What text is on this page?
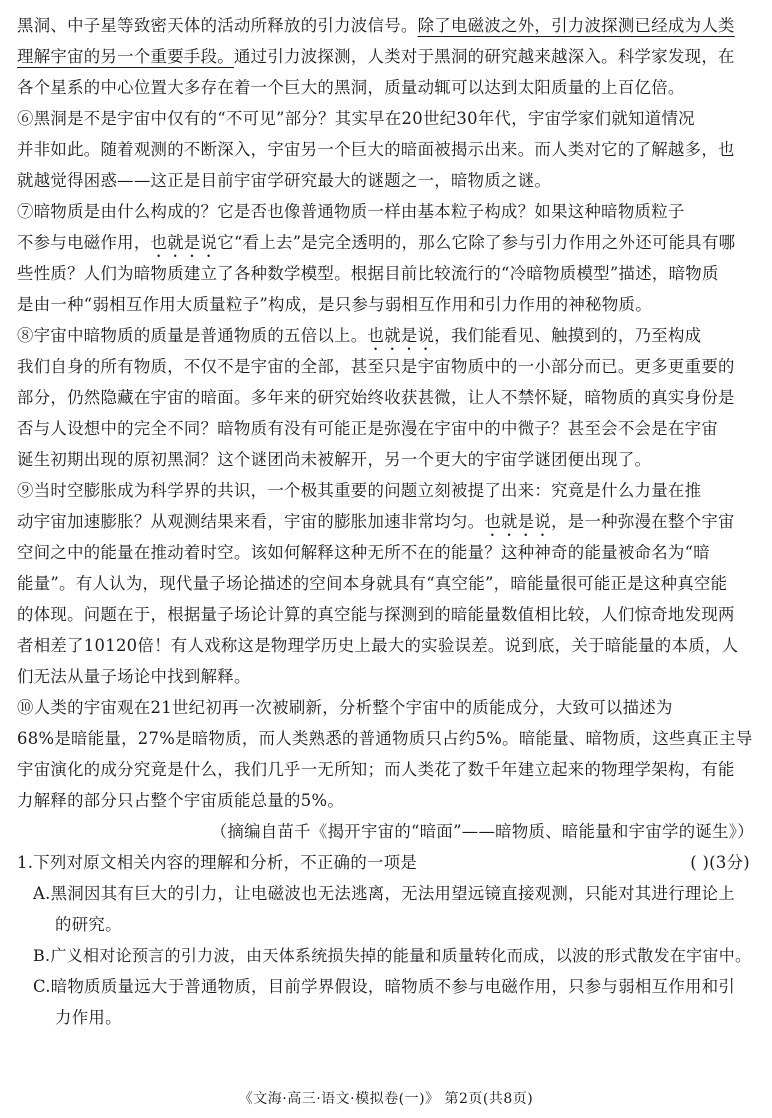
黑洞、中子星等致密天体的活动所释放的引力波信号。除了电磁波之外，引力波探测已经成为人类
理解宇宙的另一个重要手段。通过引力波探测，人类对于黑洞的研究越来越深入。科学家发现，在
各个星系的中心位置大多存在着一个巨大的黑洞，质量动辄可以达到太阳质量的上百亿倍。
⑥黑洞是不是宇宙中仅有的“不可见”部分？其实早在20世纪30年代，宇宙学家们就知道情况
并非如此。随着观测的不断深入，宇宙另一个巨大的暗面被揭示出来。而人类对它的了解越多，也
就越觉得困惑——这正是目前宇宙学研究最大的谜题之一，暗物质之谜。
⑦暗物质是由什么构成的？它是否也像普通物质一样由基本粒子构成？如果这种暗物质粒子
不参与电磁作用，也就是说它“看上去”是完全透明的，那么它除了参与引力作用之外还可能具有哪
些性质？人们为暗物质建立了各种数学模型。根据目前比较流行的“冷暗物质模型”描述，暗物质
是由一种“弱相互作用大质量粒子”构成，是只参与弱相互作用和引力作用的神秘物质。
⑧宇宙中暗物质的质量是普通物质的五倍以上。也就是说，我们能看见、触摸到的，乃至构成
我们自身的所有物质，不仅不是宇宙的全部，甚至只是宇宙物质中的一小部分而已。更多更重要的
部分，仍然隐藏在宇宙的暗面。多年来的研究始终收获甚微，让人不禁怀疑，暗物质的真实身份是
否与人设想中的完全不同？暗物质有没有可能正是弥漫在宇宙中的中微子？甚至会不会是在宇宙
诞生初期出现的原初黑洞？这个谜团尚未被解开，另一个更大的宇宙学谜团便出现了。
⑨当时空膨胀成为科学界的共识，一个极其重要的问题立刻被提了出来：究竟是什么力量在推
动宇宙加速膨胀？从观测结果来看，宇宙的膨胀加速非常均匀。也就是说，是一种弥漫在整个宇宙
空间之中的能量在推动着时空。该如何解释这种无所不在的能量？这种神奇的能量被命名为“暗
能量”。有人认为，现代量子场论描述的空间本身就具有“真空能”，暗能量很可能正是这种真空能
的体现。问题在于，根据量子场论计算的真空能与探测到的暗能量数值相比较，人们惊奇地发现两
者相差了10120倍！有人戏称这是物理学历史上最大的实验误差。说到底，关于暗能量的本质，人
们无法从量子场论中找到解释。
⑩人类的宇宙观在21世纪初再一次被刷新，分析整个宇宙中的质能成分，大致可以描述为
68%是暗能量，27%是暗物质，而人类熟悉的普通物质只占约5%。暗能量、暗物质，这些真正主导
宇宙演化的成分究竟是什么，我们几乎一无所知；而人类花了数千年建立起来的物理学架构，有能
力解释的部分只占整个宇宙质能总量的5%。
（摘编自苗千《揭开宇宙的“暗面”——暗物质、暗能量和宇宙学的诞生》）
1.下列对原文相关内容的理解和分析，不正确的一项是	( )(3分)
A.黑洞因其有巨大的引力，让电磁波也无法逃离，无法用望远镜直接观测，只能对其进行理论上
的研究。
B.广义相对论预言的引力波，由天体系统损失掉的能量和质量转化而成，以波的形式散发在宇宙中。
C.暗物质质量远大于普通物质，目前学界假设，暗物质不参与电磁作用，只参与弱相互作用和引
力作用。
《文海·高三·语文·模拟卷(一)》 第2页(共8页)
